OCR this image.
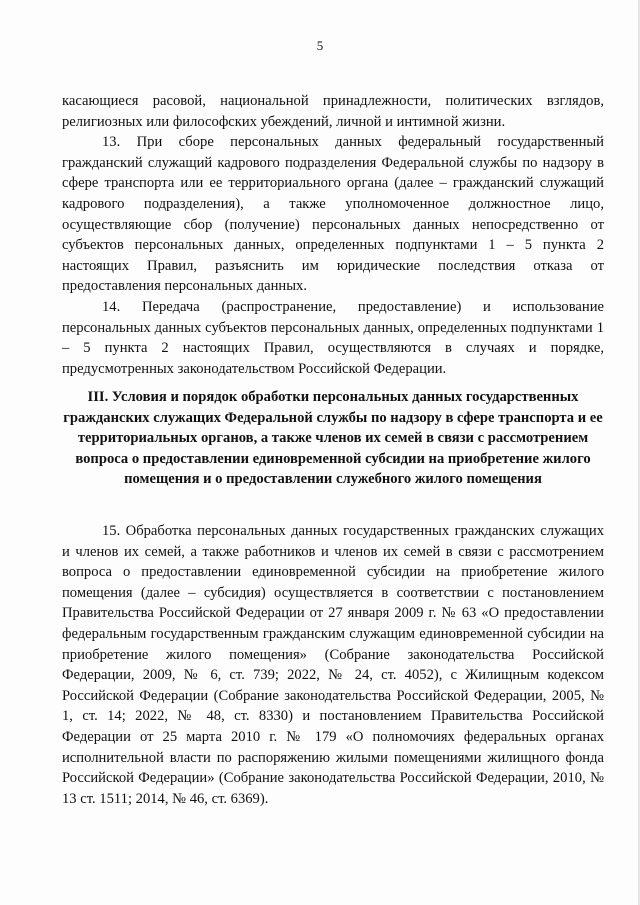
5

касающиеся расовой, национальной принадлежности, политических взглядов, религиозных или философских убеждений, личной и интимной жизни.

13. При сборе персональных данных федеральный государственный гражданский служащий кадрового подразделения Федеральной службы по надзору в сфере транспорта или ее территориального органа (далее – гражданский служащий кадрового подразделения), а также уполномоченное должностное лицо, осуществляющие сбор (получение) персональных данных непосредственно от субъектов персональных данных, определенных подпунктами 1 – 5 пункта 2 настоящих Правил, разъяснить им юридические последствия отказа от предоставления персональных данных.

14. Передача (распространение, предоставление) и использование персональных данных субъектов персональных данных, определенных подпунктами 1 – 5 пункта 2 настоящих Правил, осуществляются в случаях и порядке, предусмотренных законодательством Российской Федерации.

III. Условия и порядок обработки персональных данных государственных гражданских служащих Федеральной службы по надзору в сфере транспорта и ее территориальных органов, а также членов их семей в связи с рассмотрением вопроса о предоставлении единовременной субсидии на приобретение жилого помещения и о предоставлении служебного жилого помещения

15. Обработка персональных данных государственных гражданских служащих и членов их семей, а также работников и членов их семей в связи с рассмотрением вопроса о предоставлении единовременной субсидии на приобретение жилого помещения (далее – субсидия) осуществляется в соответствии с постановлением Правительства Российской Федерации от 27 января 2009 г. № 63 «О предоставлении федеральным государственным гражданским служащим единовременной субсидии на приобретение жилого помещения» (Собрание законодательства Российской Федерации, 2009, № 6, ст. 739; 2022, № 24, ст. 4052), с Жилищным кодексом Российской Федерации (Собрание законодательства Российской Федерации, 2005, № 1, ст. 14; 2022, № 48, ст. 8330) и постановлением Правительства Российской Федерации от 25 марта 2010 г. № 179 «О полномочиях федеральных органах исполнительной власти по распоряжению жилыми помещениями жилищного фонда Российской Федерации» (Собрание законодательства Российской Федерации, 2010, № 13 ст. 1511; 2014, № 46, ст. 6369).
